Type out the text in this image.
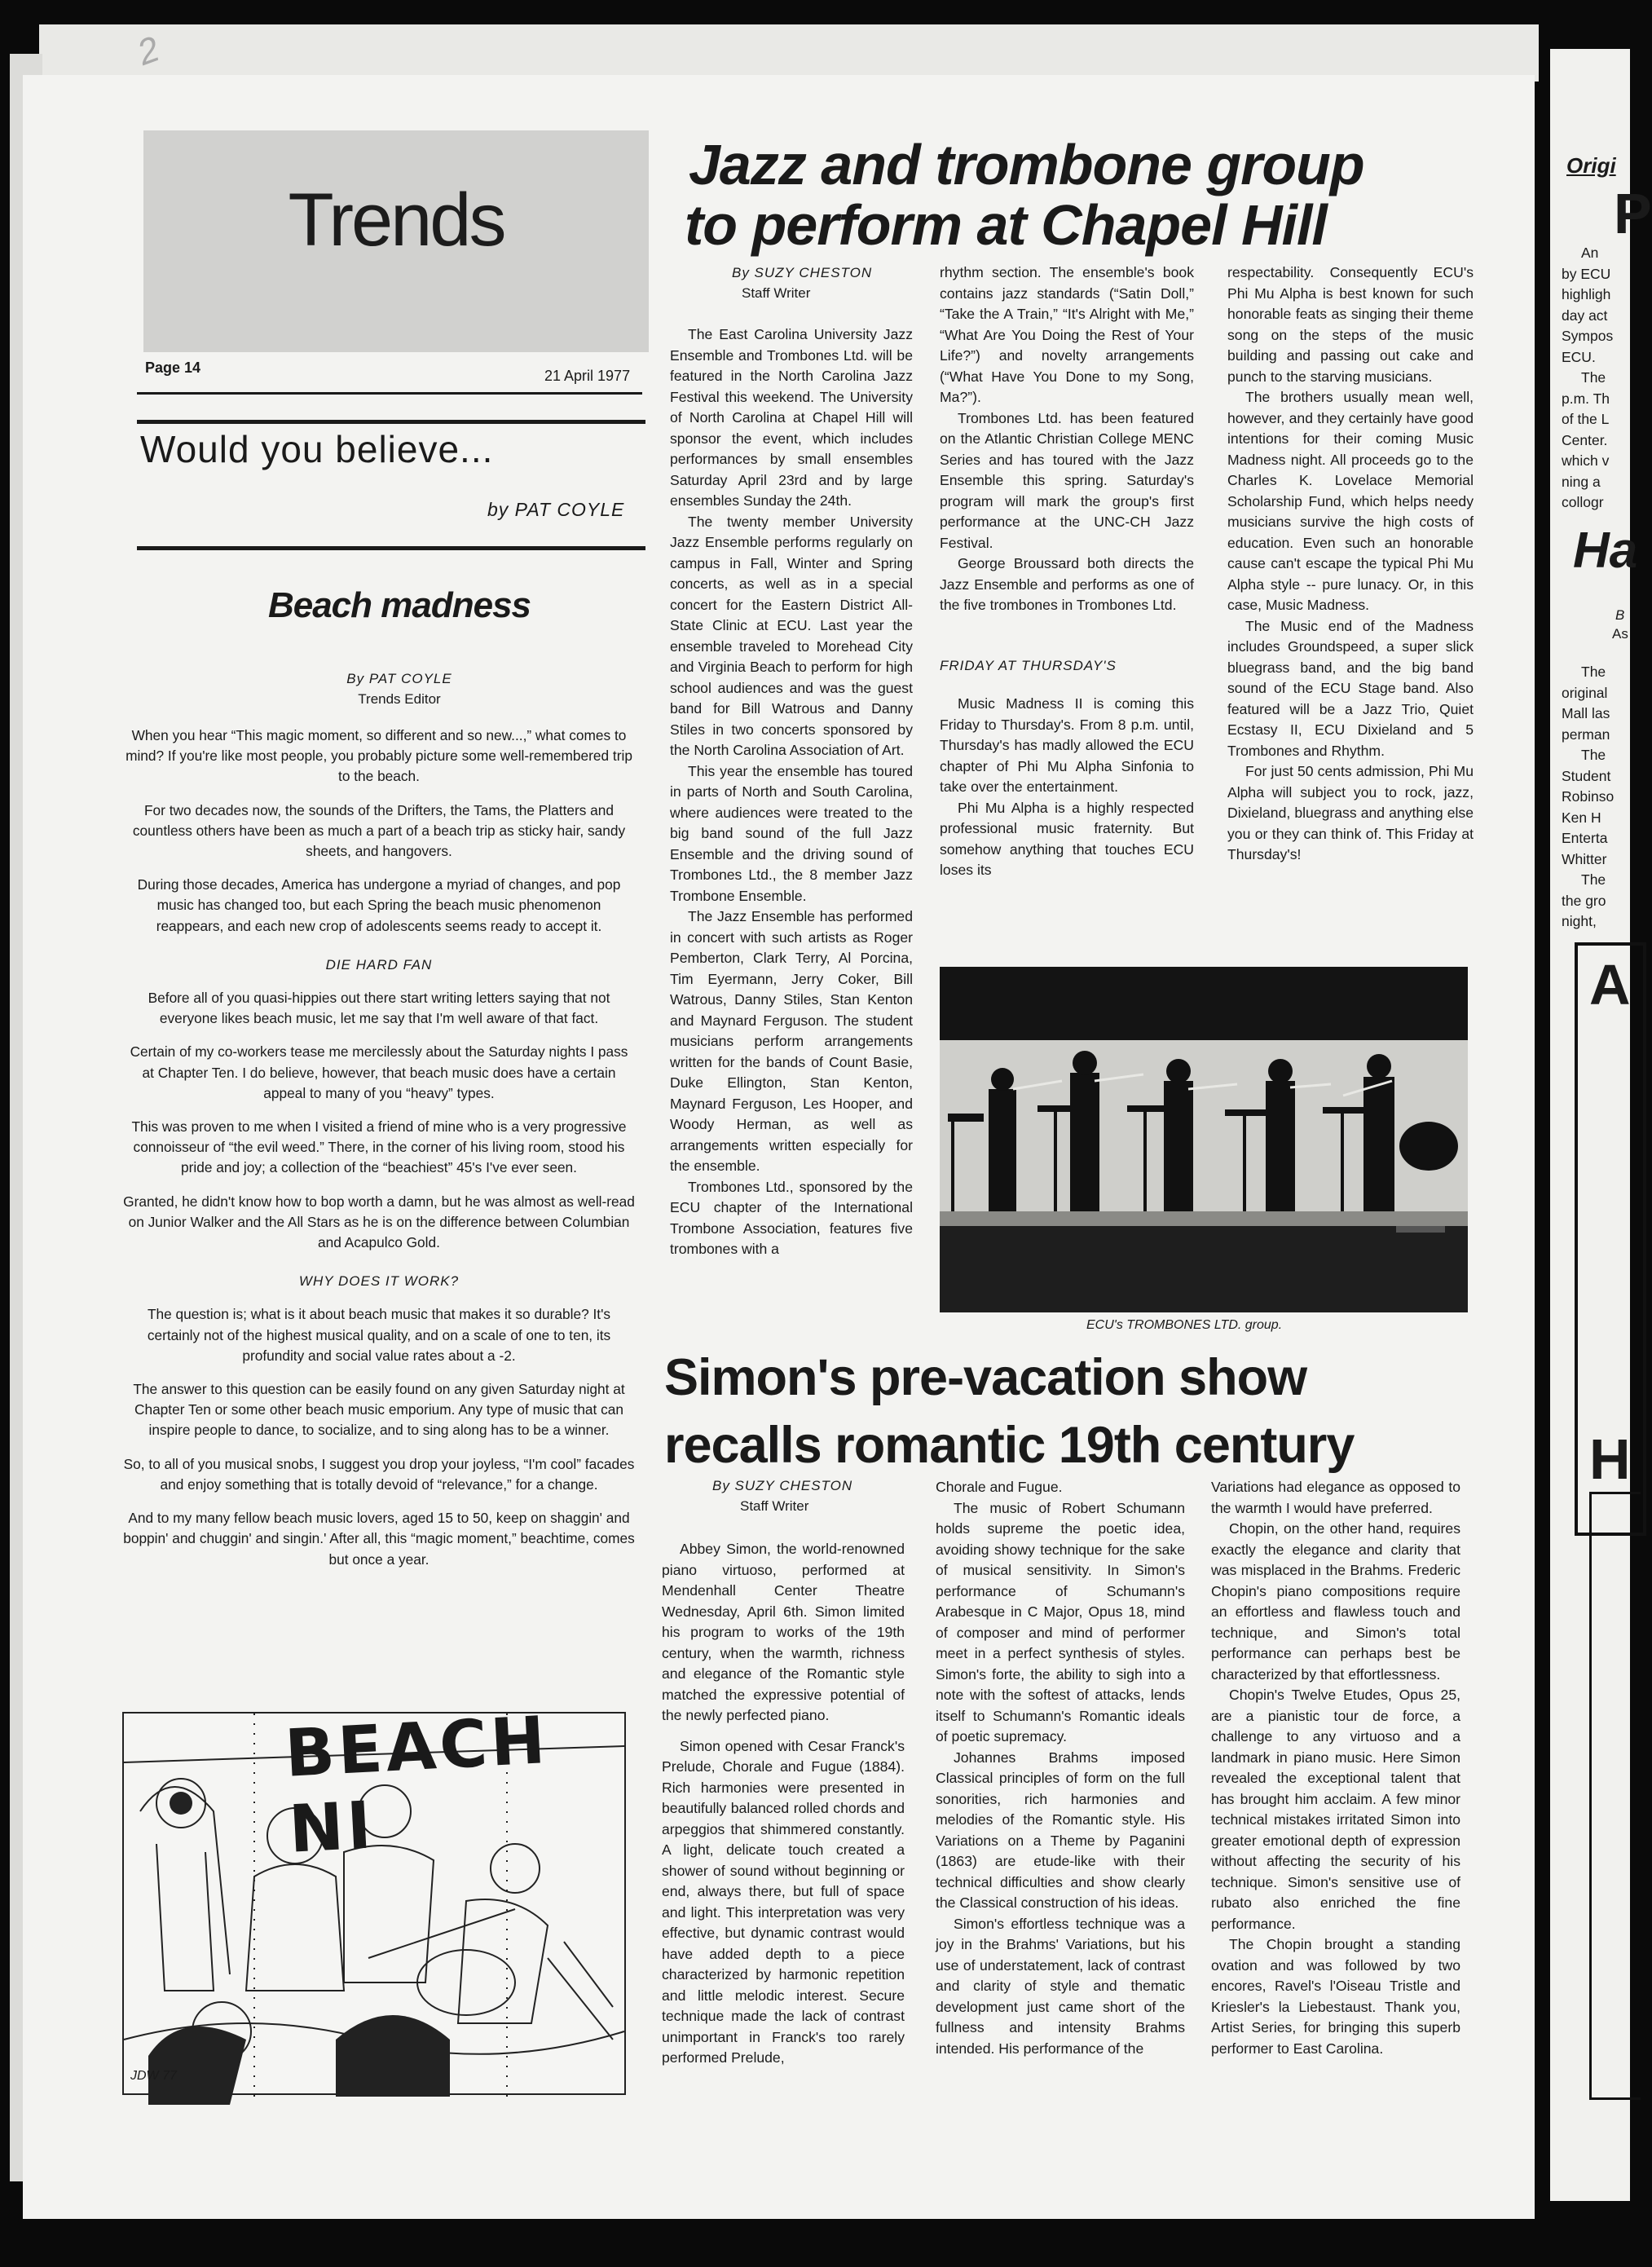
2
Trends
Page 14	21 April 1977
Would you believe...
by PAT COYLE
Beach madness
By PAT COYLE
Trends Editor

When you hear “This magic moment, so different and so new...,” what comes to mind? If you're like most people, you probably picture some well-remembered trip to the beach.

For two decades now, the sounds of the Drifters, the Tams, the Platters and countless others have been as much a part of a beach trip as sticky hair, sandy sheets, and hangovers.

During those decades, America has undergone a myriad of changes, and pop music has changed too, but each Spring the beach music phenomenon reappears, and each new crop of adolescents seems ready to accept it.

DIE HARD FAN

Before all of you quasi-hippies out there start writing letters saying that not everyone likes beach music, let me say that I'm well aware of that fact.

Certain of my co-workers tease me mercilessly about the Saturday nights I pass at Chapter Ten. I do believe, however, that beach music does have a certain appeal to many of you “heavy” types.

This was proven to me when I visited a friend of mine who is a very progressive connoisseur of “the evil weed.” There, in the corner of his living room, stood his pride and joy; a collection of the “beachiest” 45's I've ever seen.

Granted, he didn't know how to bop worth a damn, but he was almost as well-read on Junior Walker and the All Stars as he is on the difference between Columbian and Acapulco Gold.

WHY DOES IT WORK?

The question is; what is it about beach music that makes it so durable? It's certainly not of the highest musical quality, and on a scale of one to ten, its profundity and social value rates about a -2.

The answer to this question can be easily found on any given Saturday night at Chapter Ten or some other beach music emporium. Any type of music that can inspire people to dance, to socialize, and to sing along has to be a winner.

So, to all of you musical snobs, I suggest you drop your joyless, “I'm cool” facades and enjoy something that is totally devoid of “relevance,” for a change.

And to my many fellow beach music lovers, aged 15 to 50, keep on shaggin' and boppin' and chuggin' and singin.' After all, this “magic moment,” beachtime, comes but once a year.

BEACH NI
JDW 77
Jazz and trombone group
to perform at Chapel Hill
By SUZY CHESTON
Staff Writer

The East Carolina University Jazz Ensemble and Trombones Ltd. will be featured in the North Carolina Jazz Festival this weekend. The University of North Carolina at Chapel Hill will sponsor the event, which includes performances by small ensembles Saturday April 23rd and by large ensembles Sunday the 24th.

The twenty member University Jazz Ensemble performs regularly on campus in Fall, Winter and Spring concerts, as well as in a special concert for the Eastern District All-State Clinic at ECU. Last year the ensemble traveled to Morehead City and Virginia Beach to perform for high school audiences and was the guest band for Bill Watrous and Danny Stiles in two concerts sponsored by the North Carolina Association of Art.

This year the ensemble has toured in parts of North and South Carolina, where audiences were treated to the big band sound of the full Jazz Ensemble and the driving sound of Trombones Ltd., the 8 member Jazz Trombone Ensemble.

The Jazz Ensemble has performed in concert with such artists as Roger Pemberton, Clark Terry, Al Porcina, Tim Eyermann, Jerry Coker, Bill Watrous, Danny Stiles, Stan Kenton and Maynard Ferguson. The student musicians perform arrangements written for the bands of Count Basie, Duke Ellington, Stan Kenton, Maynard Ferguson, Les Hooper, and Woody Herman, as well as arrangements written especially for the ensemble.

Trombones Ltd., sponsored by the ECU chapter of the International Trombone Association, features five trombones with a

rhythm section. The ensemble's book contains jazz standards (“Satin Doll,” “Take the A Train,” “It's Alright with Me,” “What Are You Doing the Rest of Your Life?”) and novelty arrangements (“What Have You Done to my Song, Ma?”).

Trombones Ltd. has been featured on the Atlantic Christian College MENC Series and has toured with the Jazz Ensemble this spring. Saturday's program will mark the group's first performance at the UNC-CH Jazz Festival.

George Broussard both directs the Jazz Ensemble and performs as one of the five trombones in Trombones Ltd.

FRIDAY AT THURSDAY'S

Music Madness II is coming this Friday to Thursday's. From 8 p.m. until, Thursday's has madly allowed the ECU chapter of Phi Mu Alpha Sinfonia to take over the entertainment.

Phi Mu Alpha is a highly respected professional music fraternity. But somehow anything that touches ECU loses its

respectability. Consequently ECU's Phi Mu Alpha is best known for such honorable feats as singing their theme song on the steps of the music building and passing out cake and punch to the starving musicians.

The brothers usually mean well, however, and they certainly have good intentions for their coming Music Madness night. All proceeds go to the Charles K. Lovelace Memorial Scholarship Fund, which helps needy musicians survive the high costs of education. Even such an honorable cause can't escape the typical Phi Mu Alpha style -- pure lunacy. Or, in this case, Music Madness.

The Music end of the Madness includes Groundspeed, a super slick bluegrass band, and the big band sound of the ECU Stage band. Also featured will be a Jazz Trio, Quiet Ecstasy II, ECU Dixieland and 5 Trombones and Rhythm.

For just 50 cents admission, Phi Mu Alpha will subject you to rock, jazz, Dixieland, bluegrass and anything else you or they can think of. This Friday at Thursday's!

ECU's TROMBONES LTD. group.
Simon's pre-vacation show
recalls romantic 19th century
By SUZY CHESTON
Staff Writer

Abbey Simon, the world-renowned piano virtuoso, performed at Mendenhall Center Theatre Wednesday, April 6th. Simon limited his program to works of the 19th century, when the warmth, richness and elegance of the Romantic style matched the expressive potential of the newly perfected piano.

Simon opened with Cesar Franck's Prelude, Chorale and Fugue (1884). Rich harmonies were presented in beautifully balanced rolled chords and arpeggios that shimmered constantly. A light, delicate touch created a shower of sound without beginning or end, always there, but full of space and light. This interpretation was very effective, but dynamic contrast would have added depth to a piece characterized by harmonic repetition and little melodic interest. Secure technique made the lack of contrast unimportant in Franck's too rarely performed Prelude,

Chorale and Fugue.

The music of Robert Schumann holds supreme the poetic idea, avoiding showy technique for the sake of musical sensitivity. In Simon's performance of Schumann's Arabesque in C Major, Opus 18, mind of composer and mind of performer meet in a perfect synthesis of styles. Simon's forte, the ability to sigh into a note with the softest of attacks, lends itself to Schumann's Romantic ideals of poetic supremacy.

Johannes Brahms imposed Classical principles of form on the full sonorities, rich harmonies and melodies of the Romantic style. His Variations on a Theme by Paganini (1863) are etude-like with their technical difficulties and show clearly the Classical construction of his ideas.

Simon's effortless technique was a joy in the Brahms' Variations, but his use of understatement, lack of contrast and clarity of style and thematic development just came short of the fullness and intensity Brahms intended. His performance of the

Variations had elegance as opposed to the warmth I would have preferred.

Chopin, on the other hand, requires exactly the elegance and clarity that was misplaced in the Brahms. Frederic Chopin's piano compositions require an effortless and flawless touch and technique, and Simon's total performance can perhaps best be characterized by that effortlessness.

Chopin's Twelve Etudes, Opus 25, are a pianistic tour de force, a challenge to any virtuoso and a landmark in piano music. Here Simon revealed the exceptional talent that has brought him acclaim. A few minor technical mistakes irritated Simon into greater emotional depth of expression without affecting the security of his technique. Simon's sensitive use of rubato also enriched the fine performance.

The Chopin brought a standing ovation and was followed by two encores, Ravel's l'Oiseau Tristle and Kriesler's la Liebestaust. Thank you, Artist Series, for bringing this superb performer to East Carolina.

Origi
P
An
by ECU
highligh
day act
Sympos
ECU.
The
p.m. Th
of the L
Center.
which v
ning a
collogr
Ha
B
As
The
original
Mall las
perman
The
Student
Robinso
Ken H
Enterta
Whitter
The
the gro
night,
A
H
